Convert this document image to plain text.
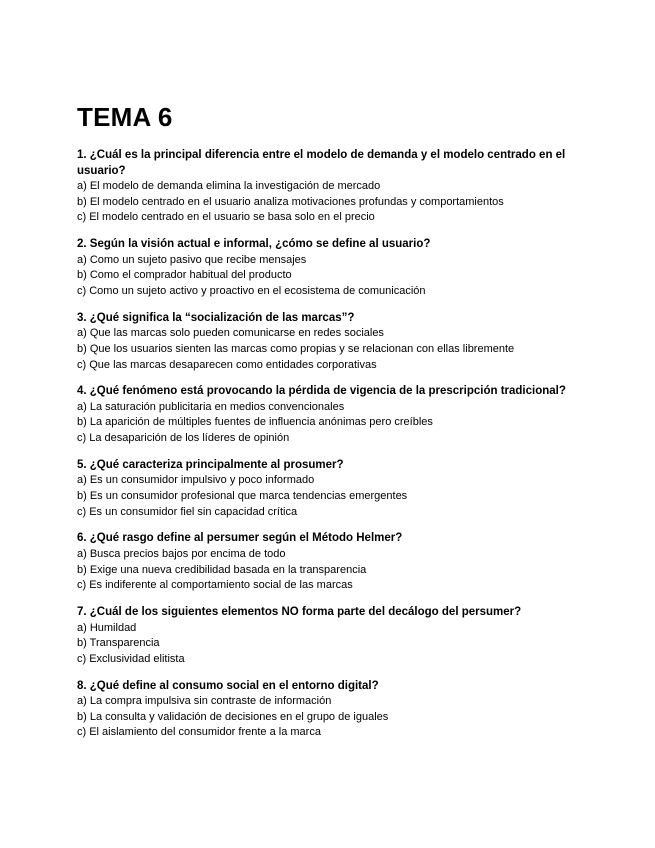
TEMA 6

1. ¿Cuál es la principal diferencia entre el modelo de demanda y el modelo centrado en el usuario?

a) El modelo de demanda elimina la investigación de mercado
b) El modelo centrado en el usuario analiza motivaciones profundas y comportamientos
c) El modelo centrado en el usuario se basa solo en el precio

2. Según la visión actual e informal, ¿cómo se define al usuario?

a) Como un sujeto pasivo que recibe mensajes
b) Como el comprador habitual del producto
c) Como un sujeto activo y proactivo en el ecosistema de comunicación

3. ¿Qué significa la “socialización de las marcas”?

a) Que las marcas solo pueden comunicarse en redes sociales
b) Que los usuarios sienten las marcas como propias y se relacionan con ellas libremente
c) Que las marcas desaparecen como entidades corporativas

4. ¿Qué fenómeno está provocando la pérdida de vigencia de la prescripción tradicional?

a) La saturación publicitaria en medios convencionales
b) La aparición de múltiples fuentes de influencia anónimas pero creíbles
c) La desaparición de los líderes de opinión

5. ¿Qué caracteriza principalmente al prosumer?

a) Es un consumidor impulsivo y poco informado
b) Es un consumidor profesional que marca tendencias emergentes
c) Es un consumidor fiel sin capacidad crítica

6. ¿Qué rasgo define al persumer según el Método Helmer?

a) Busca precios bajos por encima de todo
b) Exige una nueva credibilidad basada en la transparencia
c) Es indiferente al comportamiento social de las marcas

7. ¿Cuál de los siguientes elementos NO forma parte del decálogo del persumer?

a) Humildad
b) Transparencia
c) Exclusividad elitista

8. ¿Qué define al consumo social en el entorno digital?

a) La compra impulsiva sin contraste de información
b) La consulta y validación de decisiones en el grupo de iguales
c) El aislamiento del consumidor frente a la marca
